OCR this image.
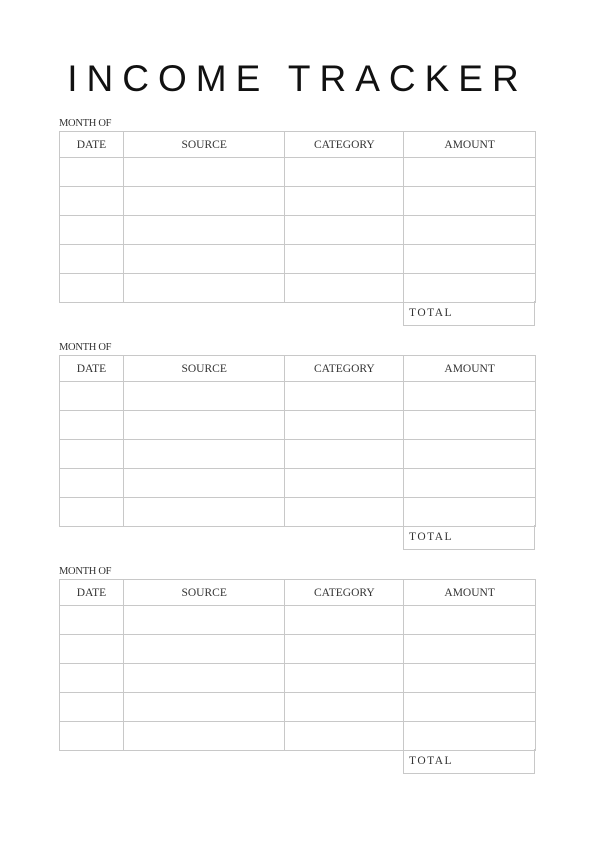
INCOME TRACKER
MONTH OF
DATE	SOURCE	CATEGORY	AMOUNT

TOTAL
MONTH OF
DATE	SOURCE	CATEGORY	AMOUNT

TOTAL
MONTH OF
DATE	SOURCE	CATEGORY	AMOUNT

TOTAL
